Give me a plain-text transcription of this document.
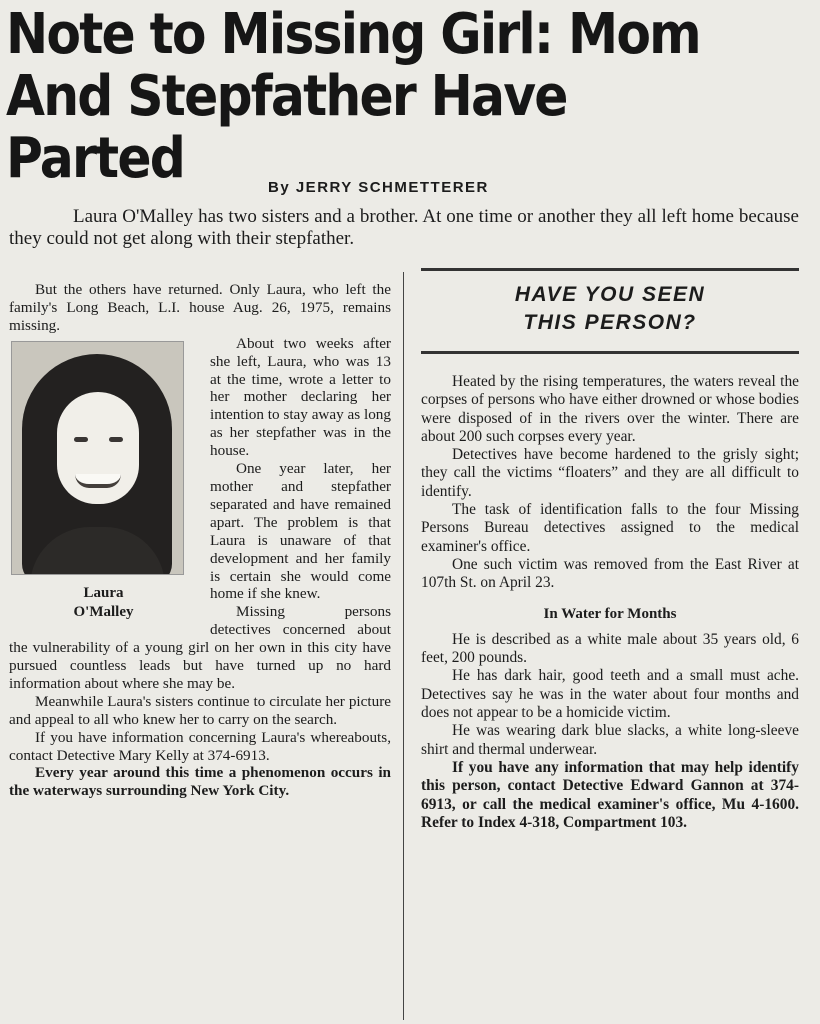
Note to Missing Girl: Mom
And Stepfather Have Parted	By JERRY SCHMETTERER

Laura O'Malley has two sisters and a brother. At one time or another they all left home because they could not get along with their stepfather.

But the others have returned. Only Laura, who left the family's Long Beach, L.I. house Aug. 26, 1975, remains missing.

Laura
O'Malley

About two weeks after she left, Laura, who was 13 at the time, wrote a letter to her mother declaring her intention to stay away as long as her stepfather was in the house.

One year later, her mother and stepfather separated and have remained apart. The problem is that Laura is unaware of that development and her family is certain she would come home if she knew.

Missing persons detectives concerned about the vulnerability of a young girl on her own in this city have pursued countless leads but have turned up no hard information about where she may be.

Meanwhile Laura's sisters continue to circulate her picture and appeal to all who knew her to carry on the search.

If you have information concerning Laura's whereabouts, contact Detective Mary Kelly at 374-6913.

Every year around this time a phenomenon occurs in the waterways surrounding New York City.

HAVE YOU SEEN
THIS PERSON?

Heated by the rising temperatures, the waters reveal the corpses of persons who have either drowned or whose bodies were disposed of in the rivers over the winter. There are about 200 such corpses every year.

Detectives have become hardened to the grisly sight; they call the victims “floaters” and they are all difficult to identify.

The task of identification falls to the four Missing Persons Bureau detectives assigned to the medical examiner's office.

One such victim was removed from the East River at 107th St. on April 23.

In Water for Months

He is described as a white male about 35 years old, 6 feet, 200 pounds.

He has dark hair, good teeth and a small must ache. Detectives say he was in the water about four months and does not appear to be a homicide victim.

He was wearing dark blue slacks, a white long-sleeve shirt and thermal underwear.

If you have any information that may help identify this person, contact Detective Edward Gannon at 374-6913, or call the medical examiner's office, Mu 4-1600. Refer to Index 4-318, Compartment 103.
